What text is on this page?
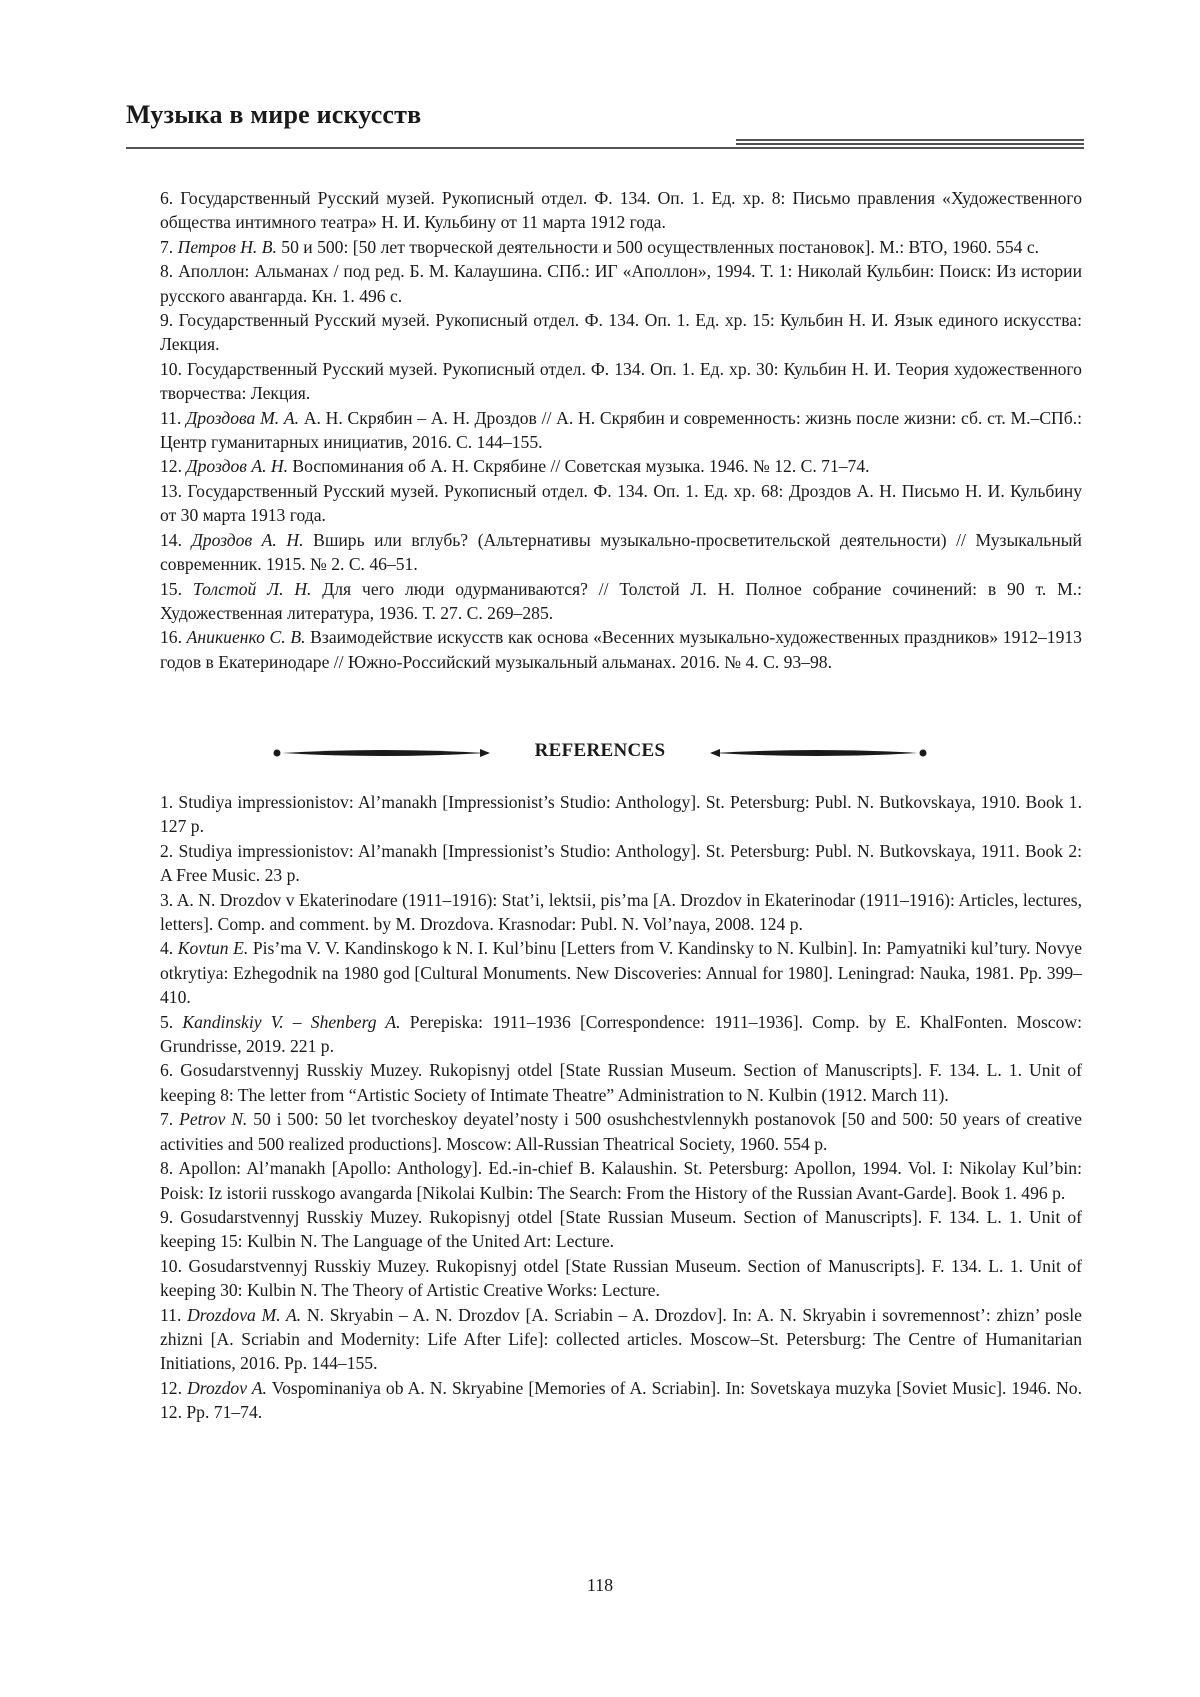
Музыка в мире искусств

6. Государственный Русский музей. Рукописный отдел. Ф. 134. Оп. 1. Ед. хр. 8: Письмо правления «Художественного общества интимного театра» Н. И. Кульбину от 11 марта 1912 года.

7. Петров Н. В. 50 и 500: [50 лет творческой деятельности и 500 осуществленных постановок]. М.: ВТО, 1960. 554 с.

8. Аполлон: Альманах / под ред. Б. М. Калаушина. СПб.: ИГ «Аполлон», 1994. Т. 1: Николай Кульбин: Поиск: Из истории русского авангарда. Кн. 1. 496 с.

9. Государственный Русский музей. Рукописный отдел. Ф. 134. Оп. 1. Ед. хр. 15: Кульбин Н. И. Язык единого искусства: Лекция.

10. Государственный Русский музей. Рукописный отдел. Ф. 134. Оп. 1. Ед. хр. 30: Кульбин Н. И. Теория художественного творчества: Лекция.

11. Дроздова М. А. А. Н. Скрябин – А. Н. Дроздов // А. Н. Скрябин и современность: жизнь после жизни: сб. ст. М.–СПб.: Центр гуманитарных инициатив, 2016. С. 144–155.

12. Дроздов А. Н. Воспоминания об А. Н. Скрябине // Советская музыка. 1946. № 12. С. 71–74.

13. Государственный Русский музей. Рукописный отдел. Ф. 134. Оп. 1. Ед. хр. 68: Дроздов А. Н. Письмо Н. И. Кульбину от 30 марта 1913 года.

14. Дроздов А. Н. Вширь или вглубь? (Альтернативы музыкально-просветительской деятельности) // Музыкальный современник. 1915. № 2. С. 46–51.

15. Толстой Л. Н. Для чего люди одурманиваются? // Толстой Л. Н. Полное собрание сочинений: в 90 т. М.: Художественная литература, 1936. Т. 27. С. 269–285.

16. Аникиенко С. В. Взаимодействие искусств как основа «Весенних музыкально-художественных праздников» 1912–1913 годов в Екатеринодаре // Южно-Российский музыкальный альманах. 2016. № 4. С. 93–98.

REFERENCES

1. Studiya impressionistov: Al’manakh [Impressionist’s Studio: Anthology]. St. Petersburg: Publ. N. Butkovskaya, 1910. Book 1. 127 p.

2. Studiya impressionistov: Al’manakh [Impressionist’s Studio: Anthology]. St. Petersburg: Publ. N. Butkovskaya, 1911. Book 2: A Free Music. 23 p.

3. A. N. Drozdov v Ekaterinodare (1911–1916): Stat’i, lektsii, pis’ma [A. Drozdov in Ekaterinodar (1911–1916): Articles, lectures, letters]. Comp. and comment. by M. Drozdova. Krasnodar: Publ. N. Vol’naya, 2008. 124 p.

4. Kovtun E. Pis’ma V. V. Kandinskogo k N. I. Kul’binu [Letters from V. Kandinsky to N. Kulbin]. In: Pamyatniki kul’tury. Novye otkrytiya: Ezhegodnik na 1980 god [Cultural Monuments. New Discoveries: Annual for 1980]. Leningrad: Nauka, 1981. Pp. 399–410.

5. Kandinskiy V. – Shenberg A. Perepiska: 1911–1936 [Correspondence: 1911–1936]. Comp. by E. KhalFonten. Moscow: Grundrisse, 2019. 221 p.

6. Gosudarstvennyj Russkiy Muzey. Rukopisnyj otdel [State Russian Museum. Section of Manuscripts]. F. 134. L. 1. Unit of keeping 8: The letter from “Artistic Society of Intimate Theatre” Administration to N. Kulbin (1912. March 11).

7. Petrov N. 50 i 500: 50 let tvorcheskoy deyatel’nosty i 500 osushchestvlennykh postanovok [50 and 500: 50 years of creative activities and 500 realized productions]. Moscow: All-Russian Theatrical Society, 1960. 554 p.

8. Apollon: Al’manakh [Apollo: Anthology]. Ed.-in-chief B. Kalaushin. St. Petersburg: Apollon, 1994. Vol. I: Nikolay Kul’bin: Poisk: Iz istorii russkogo avangarda [Nikolai Kulbin: The Search: From the History of the Russian Avant-Garde]. Book 1. 496 p.

9. Gosudarstvennyj Russkiy Muzey. Rukopisnyj otdel [State Russian Museum. Section of Manuscripts]. F. 134. L. 1. Unit of keeping 15: Kulbin N. The Language of the United Art: Lecture.

10. Gosudarstvennyj Russkiy Muzey. Rukopisnyj otdel [State Russian Museum. Section of Manuscripts]. F. 134. L. 1. Unit of keeping 30: Kulbin N. The Theory of Artistic Creative Works: Lecture.

11. Drozdova M. A. N. Skryabin – A. N. Drozdov [A. Scriabin – A. Drozdov]. In: A. N. Skryabin i sovremennost’: zhizn’ posle zhizni [A. Scriabin and Modernity: Life After Life]: collected articles. Moscow–St. Petersburg: The Centre of Humanitarian Initiations, 2016. Pp. 144–155.

12. Drozdov A. Vospominaniya ob A. N. Skryabine [Memories of A. Scriabin]. In: Sovetskaya muzyka [Soviet Music]. 1946. No. 12. Pp. 71–74.

118
